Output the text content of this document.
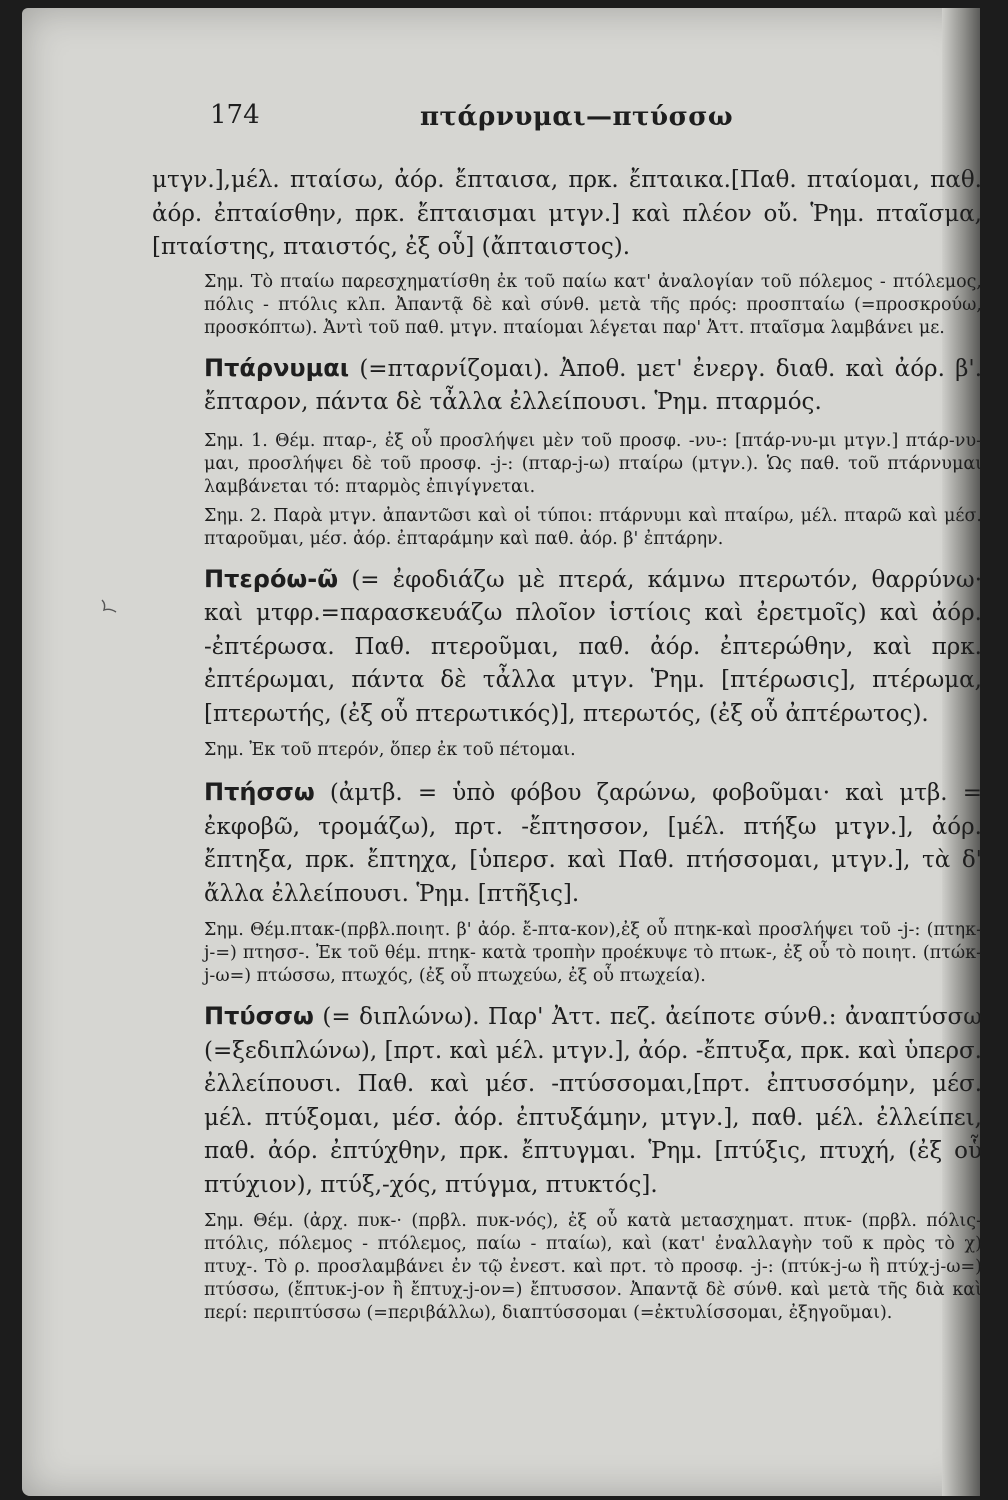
174	πτάρνυμαι—πτύσσω

μτγν.],μέλ. πταίσω, ἀόρ. ἔπταισα, πρκ. ἔπταικα.[Παθ. πταίομαι, παθ. ἀόρ. ἐπταίσθην, πρκ. ἔπταισμαι μτγν.] καὶ πλέον οὔ. Ῥημ. πταῖσμα, [πταίστης, πταιστός, ἐξ οὗ] (ἄπταιστος).

Σημ. Τὸ πταίω παρεσχηματίσθη ἐκ τοῦ παίω κατ' ἀναλογίαν τοῦ πόλεμος - πτόλεμος, πόλις - πτόλις κλπ. Ἀπαντᾷ δὲ καὶ σύνθ. μετὰ τῆς πρός: προσπταίω (=προσκρούω, προσκόπτω). Ἀντὶ τοῦ παθ. μτγν. πταίομαι λέγεται παρ' Ἀττ. πταῖσμα λαμβάνει με.

Πτάρνυμαι (=πταρνίζομαι). Ἀποθ. μετ' ἐνεργ. διαθ. καὶ ἀόρ. β'. ἔπταρον, πάντα δὲ τἆλλα ἐλλείπουσι. Ῥημ. πταρμός.

Σημ. 1. Θέμ. πταρ-, ἐξ οὗ προσλήψει μὲν τοῦ προσφ. -νυ-: [πτάρ-νυ-μι μτγν.] πτάρ-νυ-μαι, προσλήψει δὲ τοῦ προσφ. -j-: (πταρ-j-ω) πταίρω (μτγν.). Ὡς παθ. τοῦ πτάρνυμαι λαμβάνεται τό: πταρμὸς ἐπιγίγνεται.

Σημ. 2. Παρὰ μτγν. ἀπαντῶσι καὶ οἱ τύποι: πτάρνυμι καὶ πταίρω, μέλ. πταρῶ καὶ μέσ. πταροῦμαι, μέσ. ἀόρ. ἐπταράμην καὶ παθ. ἀόρ. β' ἐπτάρην.

Πτερόω-ῶ (= ἐφοδιάζω μὲ πτερά, κάμνω πτερωτόν, θαρρύνω· καὶ μτφρ.=παρασκευάζω πλοῖον ἱστίοις καὶ ἐρετμοῖς) καὶ ἀόρ. -ἐπτέρωσα. Παθ. πτεροῦμαι, παθ. ἀόρ. ἐπτερώθην, καὶ πρκ. ἐπτέρωμαι, πάντα δὲ τἆλλα μτγν. Ῥημ. [πτέρωσις], πτέρωμα,[πτερωτής, (ἐξ οὗ πτερωτικός)], πτερωτός, (ἐξ οὗ ἀπτέρωτος).

Σημ. Ἐκ τοῦ πτερόν, ὅπερ ἐκ τοῦ πέτομαι.

Πτήσσω (ἀμτβ. = ὑπὸ φόβου ζαρώνω, φοβοῦμαι· καὶ μτβ. = ἐκφοβῶ, τρομάζω), πρτ. -ἔπτησσον, [μέλ. πτήξω μτγν.], ἀόρ. ἔπτηξα, πρκ. ἔπτηχα, [ὑπερσ. καὶ Παθ. πτήσσομαι, μτγν.], τὰ δ' ἄλλα ἐλλείπουσι. Ῥημ. [πτῆξις].

Σημ. Θέμ.πτακ-(πρβλ.ποιητ. β' ἀόρ. ἔ-πτα-κον),ἐξ οὗ πτηκ-καὶ προσλήψει τοῦ -j-: (πτηκ-j-=) πτησσ-. Ἐκ τοῦ θέμ. πτηκ- κατὰ τροπὴν προέκυψε τὸ πτωκ-, ἐξ οὗ τὸ ποιητ. (πτώκ-j-ω=) πτώσσω, πτωχός, (ἐξ οὗ πτωχεύω, ἐξ οὗ πτωχεία).

Πτύσσω (= διπλώνω). Παρ' Ἀττ. πεζ. ἀείποτε σύνθ.: ἀναπτύσσω (=ξεδιπλώνω), [πρτ. καὶ μέλ. μτγν.], ἀόρ. -ἔπτυξα, πρκ. καὶ ὑπερσ. ἐλλείπουσι. Παθ. καὶ μέσ. -πτύσσομαι,[πρτ. ἐπτυσσόμην, μέσ. μέλ. πτύξομαι, μέσ. ἀόρ. ἐπτυξάμην, μτγν.], παθ. μέλ. ἐλλείπει, παθ. ἀόρ. ἐπτύχθην, πρκ. ἔπτυγμαι. Ῥημ. [πτύξις, πτυχή, (ἐξ οὗ πτύχιον), πτύξ,-χός, πτύγμα, πτυκτός].

Σημ. Θέμ. (ἀρχ. πυκ-· (πρβλ. πυκ-νός), ἐξ οὗ κατὰ μετασχηματ. πτυκ- (πρβλ. πόλις-πτόλις, πόλεμος - πτόλεμος, παίω - πταίω), καὶ (κατ' ἐναλλαγὴν τοῦ κ πρὸς τὸ χ) πτυχ-. Τὸ ρ. προσλαμβάνει ἐν τῷ ἐνεστ. καὶ πρτ. τὸ προσφ. -j-: (πτύκ-j-ω ἢ πτύχ-j-ω=) πτύσσω, (ἔπτυκ-j-ον ἢ ἔπτυχ-j-ον=) ἔπτυσσον. Ἀπαντᾷ δὲ σύνθ. καὶ μετὰ τῆς διὰ καὶ περί: περιπτύσσω (=περιβάλλω), διαπτύσσομαι (=ἐκτυλίσσομαι, ἐξηγοῦμαι).
